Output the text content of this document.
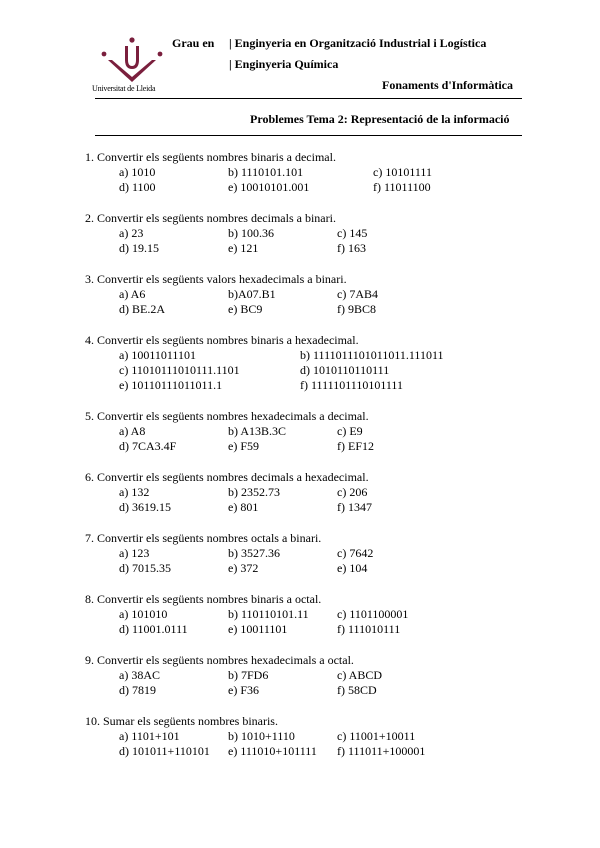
Universitat de Lleida
Grau en | Enginyeria en Organització Industrial i Logística
| Enginyeria Química
Fonaments d'Informàtica
Problemes Tema 2: Representació de la informació
1. Convertir els següents nombres binaris a decimal.
a) 1010	b) 1110101.101	c) 10101111
d) 1100	e) 10010101.001	f) 11011100
2. Convertir els següents nombres decimals a binari.
a) 23	b) 100.36	c) 145
d) 19.15	e) 121	f) 163
3. Convertir els següents valors hexadecimals a binari.
a) A6	b)A07.B1	c) 7AB4
d) BE.2A	e) BC9	f) 9BC8
4. Convertir els següents nombres binaris a hexadecimal.
a) 10011011101	b) 1111011101011011.111011
c) 11010111010111.1101	d) 1010110110111
e) 10110111011011.1	f) 1111101110101111
5. Convertir els següents nombres hexadecimals a decimal.
a) A8	b) A13B.3C	c) E9
d) 7CA3.4F	e) F59	f) EF12
6. Convertir els següents nombres decimals a hexadecimal.
a) 132	b) 2352.73	c) 206
d) 3619.15	e) 801	f) 1347
7. Convertir els següents nombres octals a binari.
a) 123	b) 3527.36	c) 7642
d) 7015.35	e) 372	e) 104
8. Convertir els següents nombres binaris a octal.
a) 101010	b) 110110101.11 c) 1101100001
d) 11001.0111	e) 10011101	f) 111010111
9. Convertir els següents nombres hexadecimals a octal.
a) 38AC	b) 7FD6	c) ABCD
d) 7819	e) F36	f) 58CD
10. Sumar els següents nombres binaris.
a) 1101+101	b) 1010+1110	c) 11001+10011
d) 101011+110101 e) 111010+101111 f) 111011+100001
